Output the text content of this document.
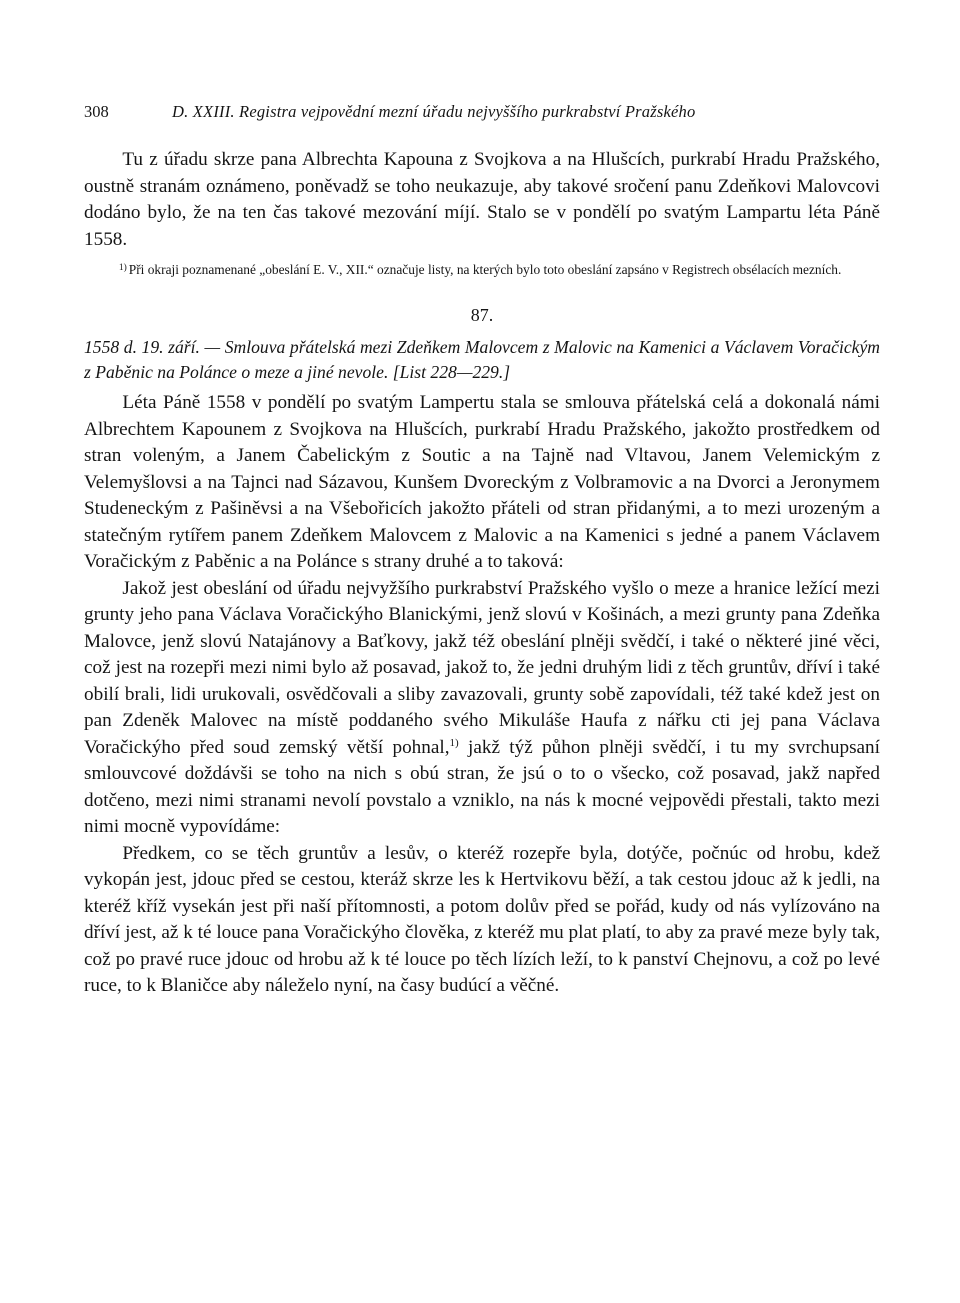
308	D. XXIII. Registra vejpovědní mezní úřadu nejvyššího purkrabství Pražského

Tu z úřadu skrze pana Albrechta Kapouna z Svojkova a na Hlušcích, purkrabí Hradu Pražského, oustně stranám oznámeno, poněvadž se toho neukazuje, aby takové sročení panu Zdeňkovi Malovcovi dodáno bylo, že na ten čas takové mezování míjí. Stalo se v pondělí po svatým Lampartu léta Páně 1558.

$^{1)}$ Při okraji poznamenané „obeslání E. V., XII.“ označuje listy, na kterých bylo toto obeslání zapsáno v Registrech obsélacích mezních.

87.

1558 d. 19. září. — Smlouva přátelská mezi Zdeňkem Malovcem z Malovic na Kamenici a Václavem Voračickým z Paběnic na Polánce o meze a jiné nevole. [List 228—229.]

Léta Páně 1558 v pondělí po svatým Lampertu stala se smlouva přátelská celá a dokonalá námi Albrechtem Kapounem z Svojkova na Hlušcích, purkrabí Hradu Pražského, jakožto prostředkem od stran voleným, a Janem Čabelickým z Soutic a na Tajně nad Vltavou, Janem Velemickým z Velemyšlovsi a na Tajnci nad Sázavou, Kunšem Dvoreckým z Volbramovic a na Dvorci a Jeronymem Studeneckým z Pašiněvsi a na Všebořicích jakožto přáteli od stran přidanými, a to mezi urozeným a statečným rytířem panem Zdeňkem Malovcem z Malovic a na Kamenici s jedné a panem Václavem Voračickým z Paběnic a na Polánce s strany druhé a to taková:

Jakož jest obeslání od úřadu nejvyžšího purkrabství Pražského vyšlo o meze a hranice ležící mezi grunty jeho pana Václava Voračickýho Blanickými, jenž slovú v Košinách, a mezi grunty pana Zdeňka Malovce, jenž slovú Natajánovy a Baťkovy, jakž též obeslání plněji svědčí, i také o některé jiné věci, což jest na rozepři mezi nimi bylo až posavad, jakož to, že jedni druhým lidi z těch gruntův, dříví i také obilí brali, lidi urukovali, osvědčovali a sliby zavazovali, grunty sobě zapovídali, též také kdež jest on pan Zdeněk Malovec na místě poddaného svého Mikuláše Haufa z nářku cti jej pana Václava Voračickýho před soud zemský větší pohnal,$^{1)}$ jakž týž půhon plněji svědčí, i tu my svrchupsaní smlouvcové doždávši se toho na nich s obú stran, že jsú o to o všecko, což posavad, jakž napřed dotčeno, mezi nimi stranami nevolí povstalo a vzniklo, na nás k mocné vejpovědi přestali, takto mezi nimi mocně vypovídáme:

Předkem, co se těch gruntův a lesův, o kteréž rozepře byla, dotýče, počnúc od hrobu, kdež vykopán jest, jdouc před se cestou, kteráž skrze les k Hertvikovu běží, a tak cestou jdouc až k jedli, na kteréž kříž vysekán jest při naší přítomnosti, a potom dolův před se pořád, kudy od nás vylízováno na dříví jest, až k té louce pana Voračickýho člověka, z kteréž mu plat platí, to aby za pravé meze byly tak, což po pravé ruce jdouc od hrobu až k té louce po těch lízích leží, to k panství Chejnovu, a což po levé ruce, to k Blaničce aby náleželo nyní, na časy budúcí a věčné.
